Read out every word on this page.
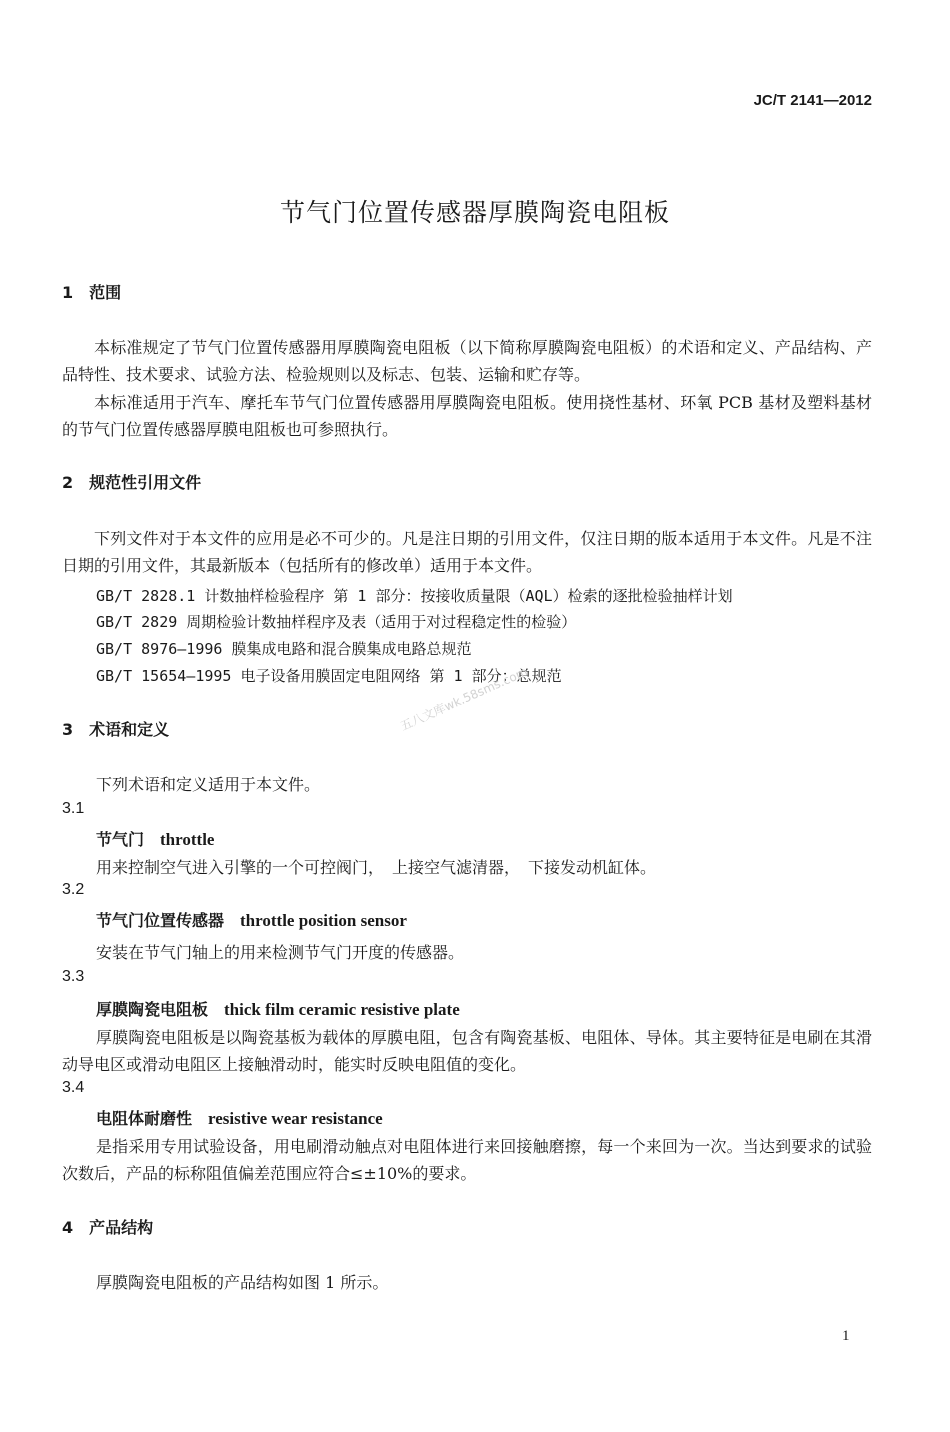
JC/T 2141—2012
节气门位置传感器厚膜陶瓷电阻板
1　范围
本标准规定了节气门位置传感器用厚膜陶瓷电阻板（以下简称厚膜陶瓷电阻板）的术语和定义、产品结构、产品特性、技术要求、试验方法、检验规则以及标志、包装、运输和贮存等。
本标准适用于汽车、摩托车节气门位置传感器用厚膜陶瓷电阻板。使用挠性基材、环氧 PCB 基材及塑料基材的节气门位置传感器厚膜电阻板也可参照执行。
2　规范性引用文件
下列文件对于本文件的应用是必不可少的。凡是注日期的引用文件，仅注日期的版本适用于本文件。凡是不注日期的引用文件，其最新版本（包括所有的修改单）适用于本文件。
GB/T 2828.1 计数抽样检验程序 第 1 部分：按接收质量限（AQL）检索的逐批检验抽样计划
GB/T 2829 周期检验计数抽样程序及表（适用于对过程稳定性的检验）
GB/T 8976—1996 膜集成电路和混合膜集成电路总规范
GB/T 15654—1995 电子设备用膜固定电阻网络 第 1 部分：总规范
3　术语和定义
下列术语和定义适用于本文件。
3.1
节气门 throttle
用来控制空气进入引擎的一个可控阀门，　上接空气滤清器，　下接发动机缸体。
3.2
节气门位置传感器 throttle position sensor
安装在节气门轴上的用来检测节气门开度的传感器。
3.3
厚膜陶瓷电阻板 thick film ceramic resistive plate
厚膜陶瓷电阻板是以陶瓷基板为载体的厚膜电阻，包含有陶瓷基板、电阻体、导体。其主要特征是电刷在其滑动导电区或滑动电阻区上接触滑动时，能实时反映电阻值的变化。
3.4
电阻体耐磨性 resistive wear resistance
是指采用专用试验设备，用电刷滑动触点对电阻体进行来回接触磨擦，每一个来回为一次。当达到要求的试验次数后，产品的标称阻值偏差范围应符合≤±10%的要求。
4　产品结构
厚膜陶瓷电阻板的产品结构如图 1 所示。
五八文库wk.58sms.com
1
